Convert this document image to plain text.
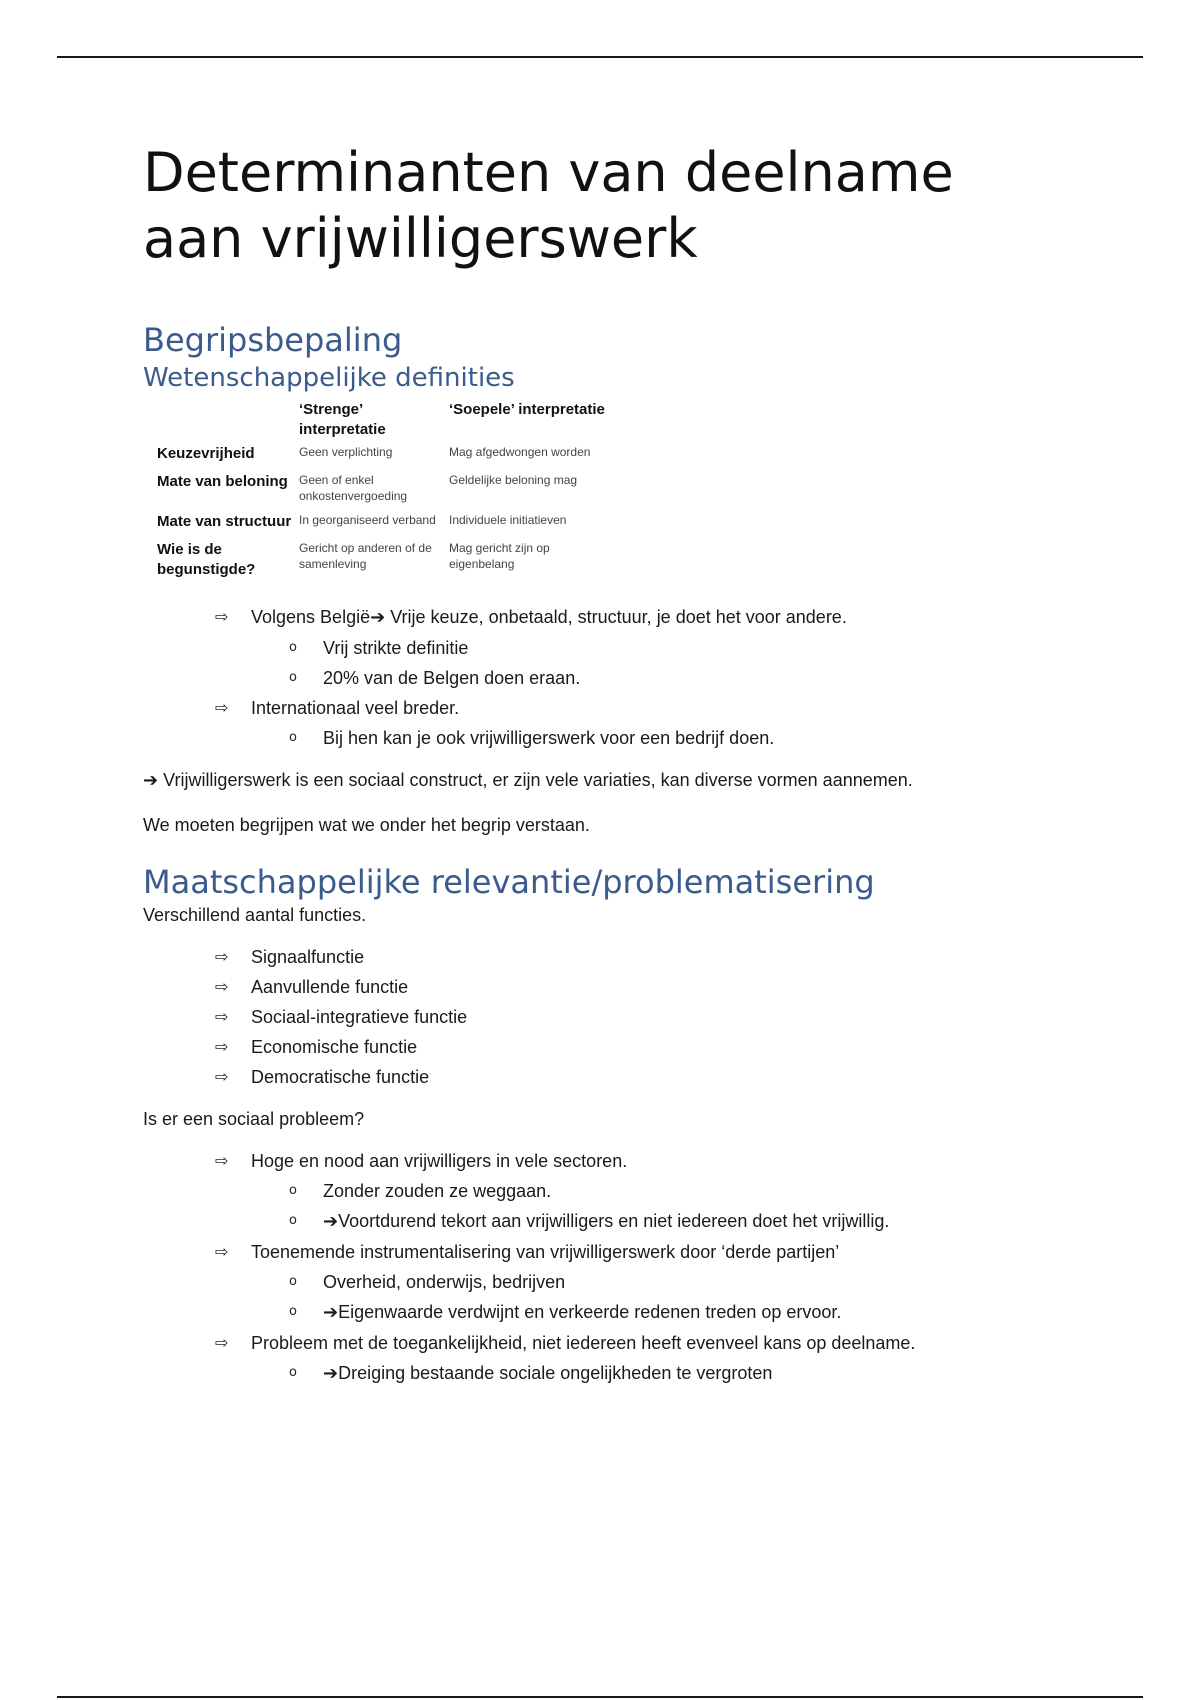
Determinanten van deelname
aan vrijwilligerswerk
Begripsbepaling
Wetenschappelijke definities
	‘Strenge’ interpretatie	‘Soepele’ interpretatie
Keuzevrijheid	Geen verplichting	Mag afgedwongen worden
Mate van beloning	Geen of enkel onkostenvergoeding	Geldelijke beloning mag
Mate van structuur	In georganiseerd verband	Individuele initiatieven
Wie is de begunstigde?	Gericht op anderen of de samenleving	Mag gericht zijn op eigenbelang
⇨ Volgens België➔ Vrije keuze, onbetaald, structuur, je doet het voor andere.
o Vrij strikte definitie
o 20% van de Belgen doen eraan.
⇨ Internationaal veel breder.
o Bij hen kan je ook vrijwilligerswerk voor een bedrijf doen.

➔ Vrijwilligerswerk is een sociaal construct, er zijn vele variaties, kan diverse vormen aannemen.

We moeten begrijpen wat we onder het begrip verstaan.

Maatschappelijke relevantie/problematisering

Verschillend aantal functies.

⇨ Signaalfunctie
⇨ Aanvullende functie
⇨ Sociaal-integratieve functie
⇨ Economische functie
⇨ Democratische functie

Is er een sociaal probleem?

⇨ Hoge en nood aan vrijwilligers in vele sectoren.
o Zonder zouden ze weggaan.
o ➔Voortdurend tekort aan vrijwilligers en niet iedereen doet het vrijwillig.
⇨ Toenemende instrumentalisering van vrijwilligerswerk door ‘derde partijen’
o Overheid, onderwijs, bedrijven
o ➔Eigenwaarde verdwijnt en verkeerde redenen treden op ervoor.
⇨ Probleem met de toegankelijkheid, niet iedereen heeft evenveel kans op deelname.
o ➔Dreiging bestaande sociale ongelijkheden te vergroten
